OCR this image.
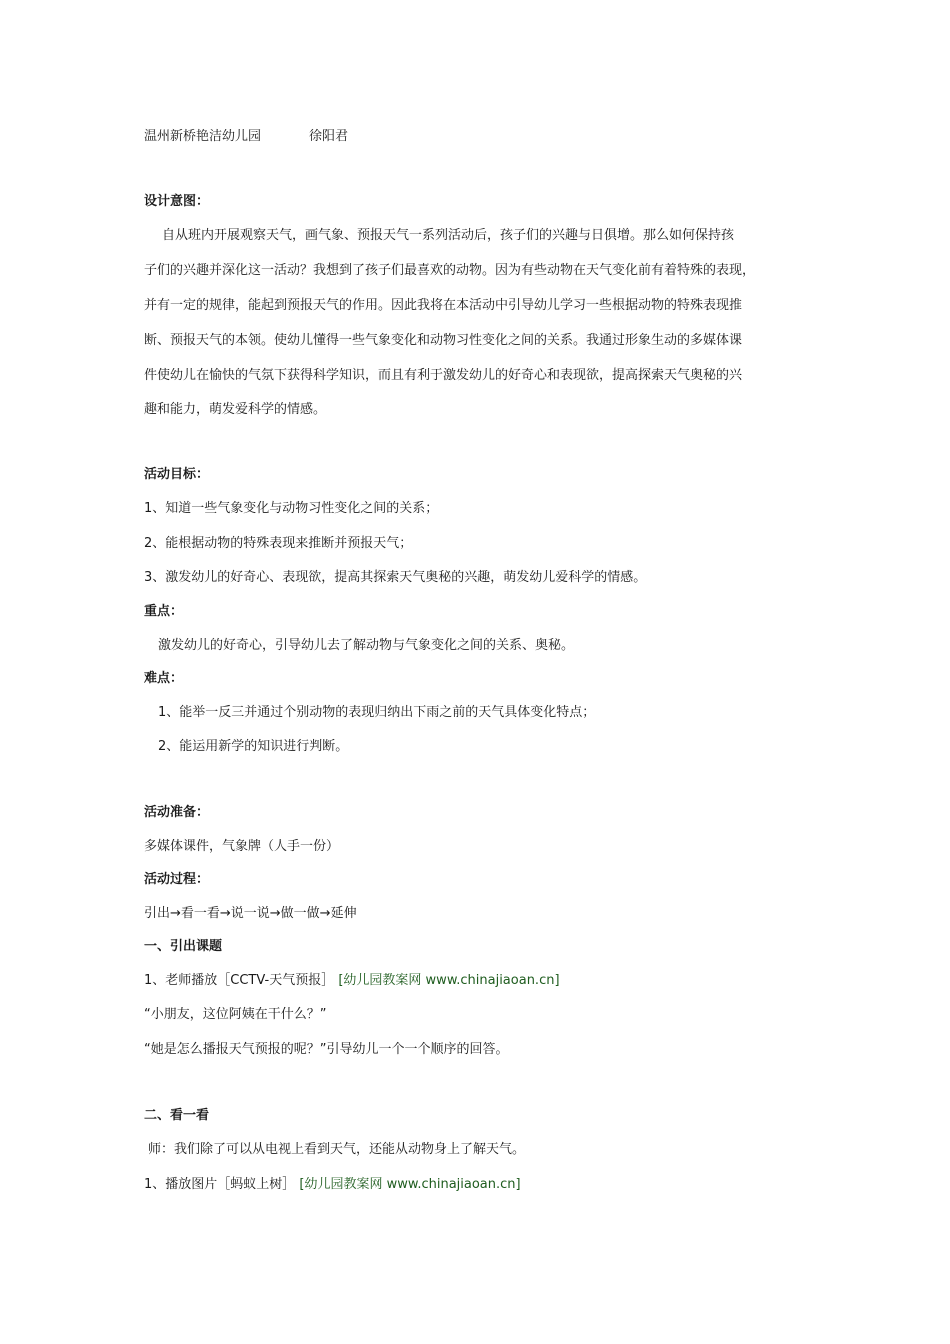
温州新桥艳洁幼儿园	徐阳君
设计意图：
自从班内开展观察天气，画气象、预报天气一系列活动后，孩子们的兴趣与日俱增。那么如何保持孩
子们的兴趣并深化这一活动？我想到了孩子们最喜欢的动物。因为有些动物在天气变化前有着特殊的表现，
并有一定的规律，能起到预报天气的作用。因此我将在本活动中引导幼儿学习一些根据动物的特殊表现推
断、预报天气的本领。使幼儿懂得一些气象变化和动物习性变化之间的关系。我通过形象生动的多媒体课
件使幼儿在愉快的气氛下获得科学知识，而且有利于激发幼儿的好奇心和表现欲，提高探索天气奥秘的兴
趣和能力，萌发爱科学的情感。
活动目标：
1、知道一些气象变化与动物习性变化之间的关系；
2、能根据动物的特殊表现来推断并预报天气；
3、激发幼儿的好奇心、表现欲，提高其探索天气奥秘的兴趣，萌发幼儿爱科学的情感。
重点：
激发幼儿的好奇心，引导幼儿去了解动物与气象变化之间的关系、奥秘。
难点：
1、能举一反三并通过个别动物的表现归纳出下雨之前的天气具体变化特点；
2、能运用新学的知识进行判断。
活动准备：
多媒体课件，气象牌（人手一份）
活动过程：
引出→看一看→说一说→做一做→延伸
一、引出课题
1、老师播放［CCTV-天气预报］ [幼儿园教案网 www.chinajiaoan.cn]
“小朋友，这位阿姨在干什么？”
“她是怎么播报天气预报的呢？”引导幼儿一个一个顺序的回答。
二、看一看
师：我们除了可以从电视上看到天气，还能从动物身上了解天气。
1、播放图片［蚂蚁上树］ [幼儿园教案网 www.chinajiaoan.cn]
